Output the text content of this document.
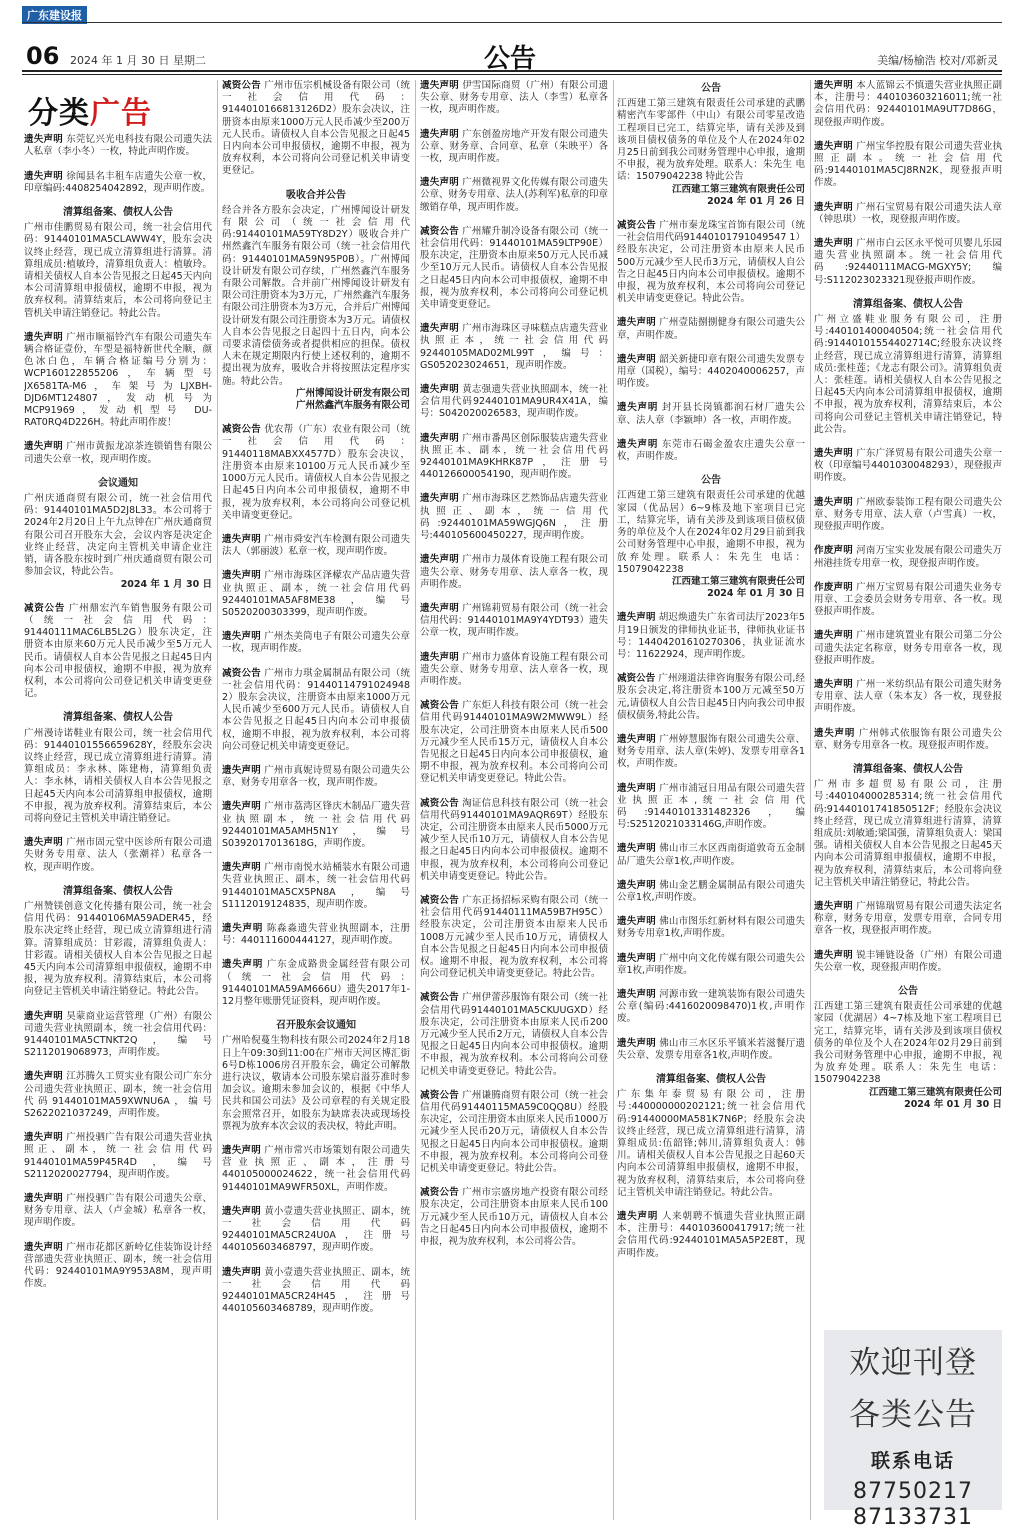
广东建设报
06 2024 年 1 月 30 日 星期二	公告	美编/杨榆浩 校对/邓新灵
分类广告
遗失声明 东莞钇兴光电科技有限公司遗失法人私章（李小冬）一枚，特此声明作废。
遗失声明 徐闻县名丰租车店遗失公章一枚，印章编码:4408254042892，现声明作废。
清算组备案、债权人公告
广州市佳鹏贸易有限公司，统一社会信用代码：91440101MA5CLAWW4Y，股东会决议终止经营，现已成立清算组进行清算。清算组成员:植敏玲，清算组负责人：植敏玲。请相关债权人自本公告见报之日起45天内向本公司清算组申报债权，逾期不申报，视为放弃权利。清算结束后，本公司将向登记主管机关申请注销登记。特此公告。
遗失声明 广州市顺福铃汽车有限公司遗失车辆合格证壹份，车型是福特新世代全顺，颜色冰白色，车辆合格证编号分别为：WCP160122855206，车辆型号 JX6581TA-M6，车架号为LJXBH-DJD6MT124807，发动机号为MCP91969，发动机型号 DU-RAT0RQ4D226H。特此声明作废！
遗失声明 广州市黄振龙凉茶连锁销售有限公司遗失公章一枚，现声明作废。
会议通知
广州庆通商贸有限公司，统一社会信用代码：91440101MA5D2J8L33。本公司将于2024年2月20日上午九点钟在广州庆通商贸有限公司召开股东大会，会议内容是决定企业终止经营，决定向主管机关申请企业注销，请各股东按时到广州庆通商贸有限公司参加会议，特此公告。
2024 年 1 月 30 日
减资公告 广州鼎宏汽车销售服务有限公司（统一社会信用代码：91440111MAC6LB5L2G）股东决定，注册资本由原来60万元人民币减少至5万元人民币。请债权人自本公告见报之日起45日内向本公司申报债权，逾期不申报，视为放弃权利，本公司将向公司登记机关申请变更登记。
清算组备案、债权人公告
广州漫诗诺鞋业有限公司，统一社会信用代码：91440101556659628Y，经股东会决议终止经营，现已成立清算组进行清算。清算组成员：李永林、陈建梅，清算组负责人：李永林，请相关债权人自本公告见报之日起45天内向本公司清算组申报债权，逾期不申报，视为放弃权利。清算结束后，本公司将向登记主管机关申请注销登记。
遗失声明 广州市固元堂中医诊所有限公司遗失财务专用章、法人（张潮祥）私章各一枚，现声明作废。
清算组备案、债权人公告
广州赞镁创意文化传播有限公司，统一社会信用代码：91440106MA59ADER45，经股东决定终止经营，现已成立清算组进行清算。清算组成员：甘彩霞，清算组负责人：甘彩霞。请相关债权人自本公告见报之日起45天内向本公司清算组申报债权，逾期不申报，视为放弃权利。清算结束后，本公司将向登记主管机关申请注销登记。特此公告。
遗失声明 昊蒙商业运营管理（广州）有限公司遗失营业执照副本，统一社会信用代码：91440101MA5CTNKT2Q，编号S2112019068973，声明作废。
遗失声明 江苏腾久工贸实业有限公司广东分公司遗失营业执照正、副本，统一社会信用代码91440101MA59XWNU6A，编号S2622021037249，声明作废。
遗失声明 广州投驷广告有限公司遗失营业执照正、副本，统一社会信用代码 91440101MA59P45R4D，编号S2112020027794，现声明作废。
遗失声明 广州投驷广告有限公司遗失公章、财务专用章、法人（卢金城）私章各一枚，现声明作废。
遗失声明 广州市花都区新岭亿佳装饰设计经营部遗失营业执照正、副本，统一社会信用代码：92440101MA9Y953A8M，现声明作废。
减资公告 广州市伍宗机械设备有限公司（统一社会信用代码：9144010166813126D2）股东会决议，注册资本由原来1000万元人民币减少至200万元人民币。请债权人自本公告见报之日起45日内向本公司申报债权，逾期不申报，视为放弃权利，本公司将向公司登记机关申请变更登记。
吸收合并公告
经合并各方股东会决定，广州博闻设计研发有限公司（统一社会信用代码:91440101MA59TY8D2Y）吸收合并广州然鑫汽车服务有限公司（统一社会信用代码：91440101MA59N95P0B）。广州博闻设计研发有限公司存续，广州然鑫汽车服务有限公司解散。合并前广州博闻设计研发有限公司注册资本为3万元，广州然鑫汽车服务有限公司注册资本为3万元，合并后广州博闻设计研发有限公司注册资本为3万元。请债权人自本公告见报之日起四十五日内，向本公司要求清偿债务或者提供相应的担保。债权人未在规定期限内行使上述权利的，逾期不提出视为放弃，吸收合并将按照法定程序实施。特此公告。
广州博闻设计研发有限公司
广州然鑫汽车服务有限公司
减资公告 优农帮（广东）农业有限公司（统一社会信用代码：91440118MABXX4577D）股东会决议，注册资本由原来10100万元人民币减少至1000万元人民币。请债权人自本公告见报之日起45日内向本公司申报债权，逾期不申报，视为放弃权利，本公司将向公司登记机关申请变更登记。
遗失声明 广州市舜安汽车检测有限公司遗失法人（郭丽波）私章一枚，现声明作废。
遗失声明 广州市海珠区泽檬农产品店遗失营业执照正、副本，统一社会信用代码 92440101MA5AF8ME38，编号 S0520200303399，现声明作废。
遗失声明 广州杰美筒电子有限公司遗失公章一枚，现声明作废。
减资公告 广州市力琪金属制品有限公司（统一社会信用代码：91440114791024948 2）股东会决议，注册资本由原来1000万元人民币减少至600万元人民币。请债权人自本公告见报之日起45日内向本公司申报债权，逾期不申报，视为放弃权利，本公司将向公司登记机关申请变更登记。
遗失声明 广州市真妮诗贸易有限公司遗失公章、财务专用章各一枚，现声明作废。
遗失声明 广州市荔湾区锋庆木制品厂遗失营业执照副本，统一社会信用代码 92440101MA5AMH5N1Y，编号S0392017013618G，声明作废。
遗失声明 广州市南悦水站桶装水有限公司遗失营业执照正、副本，统一社会信用代码91440101MA5CX5PN8A，编号 S1112019124835，现声明作废。
遗失声明 陈淼淼遗失营业执照副本，注册号：440111600444127，现声明作废。
遗失声明 广东金成路贵金属经营有限公司（统一社会信用代码：91440101MA59AM666U）遗失2017年1-12月整年账册凭证资料，现声明作废。
召开股东会议通知
广州哈倪蔓生物科技有限公司2024年2月18日上午09:30到11:00在广州市天河区博汇街6号D栋1006房召开股东会，确定公司解散进行决议，敬请本公司股东梁启溢芬准时参加会议。逾期未参加会议的，根据《中华人民共和国公司法》及公司章程的有关规定股东会照常召开，如股东为缺席表决或现场投票视为放弃本次会议的表决权，特此声明。
遗失声明 广州市常兴市场策划有限公司遗失营业执照正、副本，注册号440105000024622，统一社会信用代码91440101MA9WFR50XL，声明作废。
遗失声明 黄小壹遗失营业执照正、副本，统一社会信用代码92440101MA5CR24U0A，注册号440105603468797，现声明作废。
遗失声明 黄小壹遗失营业执照正、副本，统一社会信用代码92440101MA5CR24H45，注册号440105603468789，现声明作废。
遗失声明 伊雪国际商贸（广州）有限公司遗失公章、财务专用章、法人（李雪）私章各一枚，现声明作废。
遗失声明 广东创盈房地产开发有限公司遗失公章、财务章、合同章、私章（朱映平）各一枚，现声明作废。
遗失声明 广州微视界文化传媒有限公司遗失公章、财务专用章、法人(苏利军)私章的印章缴销存单，现声明作废。
减资公告 广州耀升制冷设备有限公司（统一社会信用代码：91440101MA59LTP90E）股东决定，注册资本由原来50万元人民币减少至10万元人民币。请债权人自本公告见报之日起45日内向本公司申报债权，逾期不申报，视为放弃权利，本公司将向公司登记机关申请变更登记。
遗失声明 广州市海珠区寻味糕点店遗失营业执照正本，统一社会信用代码92440105MAD02ML99T，编号：GS052023024651，现声明作废。
遗失声明 黄志强遗失营业执照副本，统一社会信用代码92440101MA9UR4X41A，编号：S042020026583，现声明作废。
遗失声明 广州市番禺区创际服装店遗失营业执照正本、副本，统一社会信用代码 92440101MA9KHRK87P，注册号 440126600054190，现声明作废。
遗失声明 广州市海珠区艺然饰品店遗失营业执照正、副本，统一信用代码:92440101MA59WGJQ6N，注册号:440105600450227，现声明作废。
遗失声明 广州市力晟体育设施工程有限公司遗失公章、财务专用章、法人章各一枚，现声明作废。
遗失声明 广州锦莉贸易有限公司（统一社会信用代码：91440101MA9Y4YDT93）遗失公章一枚，现声明作废。
遗失声明 广州市力盛体育设施工程有限公司遗失公章、财务专用章、法人章各一枚，现声明作废。
减资公告 广东炬人科技有限公司（统一社会信用代码91440101MA9W2MWW9L）经股东决定，公司注册资本由原来人民币500万元减少至人民币15万元，请债权人自本公告见报之日起45日内向本公司申报债权，逾期不申报，视为放弃权利。本公司将向公司登记机关申请变更登记。特此公告。
减资公告 淘证信息科技有限公司（统一社会信用代码91440101MA9AQR69T）经股东决定，公司注册资本由原来人民币5000万元减少至人民币10万元，请债权人自本公告见报之日起45日内向本公司申报债权。逾期不申报，视为放弃权利，本公司将向公司登记机关申请变更登记。特此公告。
减资公告 广东正扬招标采购有限公司（统一社会信用代码91440111MA59B7H95C）经股东决定，公司注册资本由原来人民币1008万元减少至人民币10万元，请债权人自本公告见报之日起45日内向本公司申报债权。逾期不申报，视为放弃权利，本公司将向公司登记机关申请变更登记。特此公告。
减资公告 广州伊蕾莎服饰有限公司（统一社会信用代码91440101MA5CKUUGXD）经股东决定，公司注册资本由原来人民币200万元减少至人民币2万元，请债权人自本公告见报之日起45日内向本公司申报债权。逾期不申报，视为放弃权利。本公司将向公司登记机关申请变更登记。特此公告。
减资公告 广州谦腾商贸有限公司（统一社会信用代码91440115MA59C0QQ8U）经股东决定，公司注册资本由原来人民币1000万元减少至人民币20万元，请债权人自本公告见报之日起45日内向本公司申报债权。逾期不申报，视为放弃权利。本公司将向公司登记机关申请变更登记。特此公告。
减资公告 广州市宗盛房地产投资有限公司经股东决定，公司注册资本由原来人民币100万元减少至人民币10万元，请债权人自本公告之日起45日内向本公司申报债权，逾期不申报，视为放弃权利，本公司将公告。
公告
江西建工第三建筑有限责任公司承建的武鹏精密汽车零部件（中山）有限公司零星改造工程项目已完工，结算完毕，请有关涉及到该项目债权债务的单位及个人在2024年02月25日前到我公司财务管理中心申报，逾期不申报，视为放弃处理。联系人：朱先生 电话：15079042238 特此公告
江西建工第三建筑有限责任公司
2024 年 01 月 26 日
减资公告 广州市秦龙珠宝首饰有限公司（统一社会信用代码91440101791049547 1）经股东决定，公司注册资本由原来人民币500万元减少至人民币3万元，请债权人自公告之日起45日内向本公司申报债权。逾期不申报，视为放弃权利，本公司将向公司登记机关申请变更登记。特此公告。
遗失声明 广州壹陆捌捌健身有限公司遗失公章，声明作废。
遗失声明 韶关新捷印章有限公司遗失发票专用章（国税），编号：4402040006257，声明作废。
遗失声明 封开县长岗镇都润石材厂遗失公章、法人章（李颖坤）各一枚，声明作废。
遗失声明 东莞市石碣金盈农庄遗失公章一枚，声明作废。
公告
江西建工第三建筑有限责任公司承建的优越家园（优品居）6~9栋及地下室项目已完工，结算完毕，请有关涉及到该项目债权债务的单位及个人在2024年02月29日前到我公司财务管理中心申报，逾期不申报，视为放弃处理。联系人：朱先生 电话：15079042238
江西建工第三建筑有限责任公司
2024 年 01 月 30 日
遗失声明 胡迟焕遗失广东省司法厅2023年5月19日颁发的律师执业证书，律师执业证书号：14404201610270306，执业证流水号：11622924，现声明作废。
减资公告 广州翊道法律咨询服务有限公司,经股东会决定,将注册资本100万元减至50万元,请债权人自公告日起45日内向我公司申报债权债务,特此公告。
遗失声明 广州婷慧服饰有限公司遗失公章、财务专用章、法人章(朱婷)、发票专用章各1枚，声明作废。
遗失声明 广州市浦冠日用品有限公司遗失营业执照正本,统一社会信用代码:91440101331482326，编号:S2512021033146G,声明作废。
遗失声明 佛山市三水区西南街道敦奇五金制品厂遗失公章1枚,声明作废。
遗失声明 佛山金艺鹏金属制品有限公司遗失公章1枚,声明作废。
遗失声明 佛山市图乐红新材料有限公司遗失财务专用章1枚,声明作废。
遗失声明 广州中向文化传媒有限公司遗失公章1枚,声明作废。
遗失声明 河源市致一建筑装饰有限公司遗失公章(编码:4416020098470)1枚,声明作废。
遗失声明 佛山市三水区乐平镇米若滋餐厅遗失公章、发票专用章各1枚,声明作废。
清算组备案、债权人公告
广东集年泰贸易有限公司，注册号:440000000202121;统一社会信用代码:91440000MA581K7N6P；经股东会决议终止经营，现已成立清算组进行清算，清算组成员:伍韶锋;韩川,清算组负责人：韩川。请相关债权人自本公告见报之日起60天内向本公司清算组申报债权，逾期不申报，视为放弃权利，清算结束后，本公司将向登记主管机关申请注销登记。特此公告。
遗失声明 人来朝聘不慎遗失营业执照正副本，注册号：440103600417917;统一社会信用代码:92440101MA5A5P2E8T，现声明作废。
遗失声明 本人蓝锦云不慎遗失营业执照正副本，注册号：440103603216011;统一社会信用代码：92440101MA9UT7D86G，现登报声明作废。
遗失声明 广州宝华控股有限公司遗失营业执照正副本。统一社会信用代码:91440101MA5CJ8RN2K，现登报声明作废。
遗失声明 广州石宝贸易有限公司遗失法人章（钟思琪）一枚，现登报声明作废。
遗失声明 广州市白云区永平悦可贝婴儿乐园遗失营业执照副本。统一社会信用代码:92440111MACG-MGXY5Y;编号:S112023023321现登报声明作废。
清算组备案、债权人公告
广州立盛鞋业服务有限公司，注册号:440101400040504;统一社会信用代码:91440101554402714C;经股东决议终止经营，现已成立清算组进行清算，清算组成员:张桂莲；《龙志有限公司》。清算组负责人：张桂莲。请相关债权人自本公告见报之日起45天内向本公司清算组申报债权，逾期不申报，视为放弃权利，清算结束后，本公司将向公司登记主管机关申请注销登记，特此公告。
遗失声明 广东广泽贸易有限公司遗失公章一枚（印章编号4401030048293），现登报声明作废。
遗失声明 广州欧泰装饰工程有限公司遗失公章、财务专用章、法人章（卢雪真）一枚，现登报声明作废。
作废声明 河南万宝实业发展有限公司遗失万州港挂货专用章一枚，现登报声明作废。
作废声明 广州万宝贸易有限公司遗失业务专用章、工会委员会财务专用章、各一枚。现登报声明作废。
遗失声明 广州市建筑置业有限公司第二分公司遗失法定名称章，财务专用章各一枚，现登报声明作废。
遗失声明 广州一米纺织品有限公司遗失财务专用章、法人章（朱本友）各一枚，现登报声明作废。
遗失声明 广州韩式依服饰有限公司遗失公章、财务专用章各一枚。现登报声明作废。
清算组备案、债权人公告
广州市多超贸易有限公司，注册号:440104000285314;统一社会信用代码:91440101741850512F；经股东会决议终止经营，现已成立清算组进行清算，清算组成员:刘敏通;梁国强，清算组负责人：梁国强。请相关债权人自本公告见报之日起45天内向本公司清算组申报债权，逾期不申报，视为放弃权利，清算结束后，本公司将向登记主管机关申请注销登记，特此公告。
遗失声明 广州锦瑞贸易有限公司遗失法定名称章，财务专用章，发票专用章，合同专用章各一枚，现登报声明作废。
遗失声明 锐丰锤链设备（广州）有限公司遗失公章一枚，现登报声明作废。
公告
江西建工第三建筑有限责任公司承建的优越家园（优湖居）4~7栋及地下室工程项目已完工，结算完毕，请有关涉及到该项目债权债务的单位及个人在2024年02月29日前到我公司财务管理中心申报，逾期不申报，视为放弃处理。联系人：朱先生 电话：15079042238
江西建工第三建筑有限责任公司
2024 年 01 月 30 日
欢迎刊登
各类公告
联系电话
87750217
87133731
